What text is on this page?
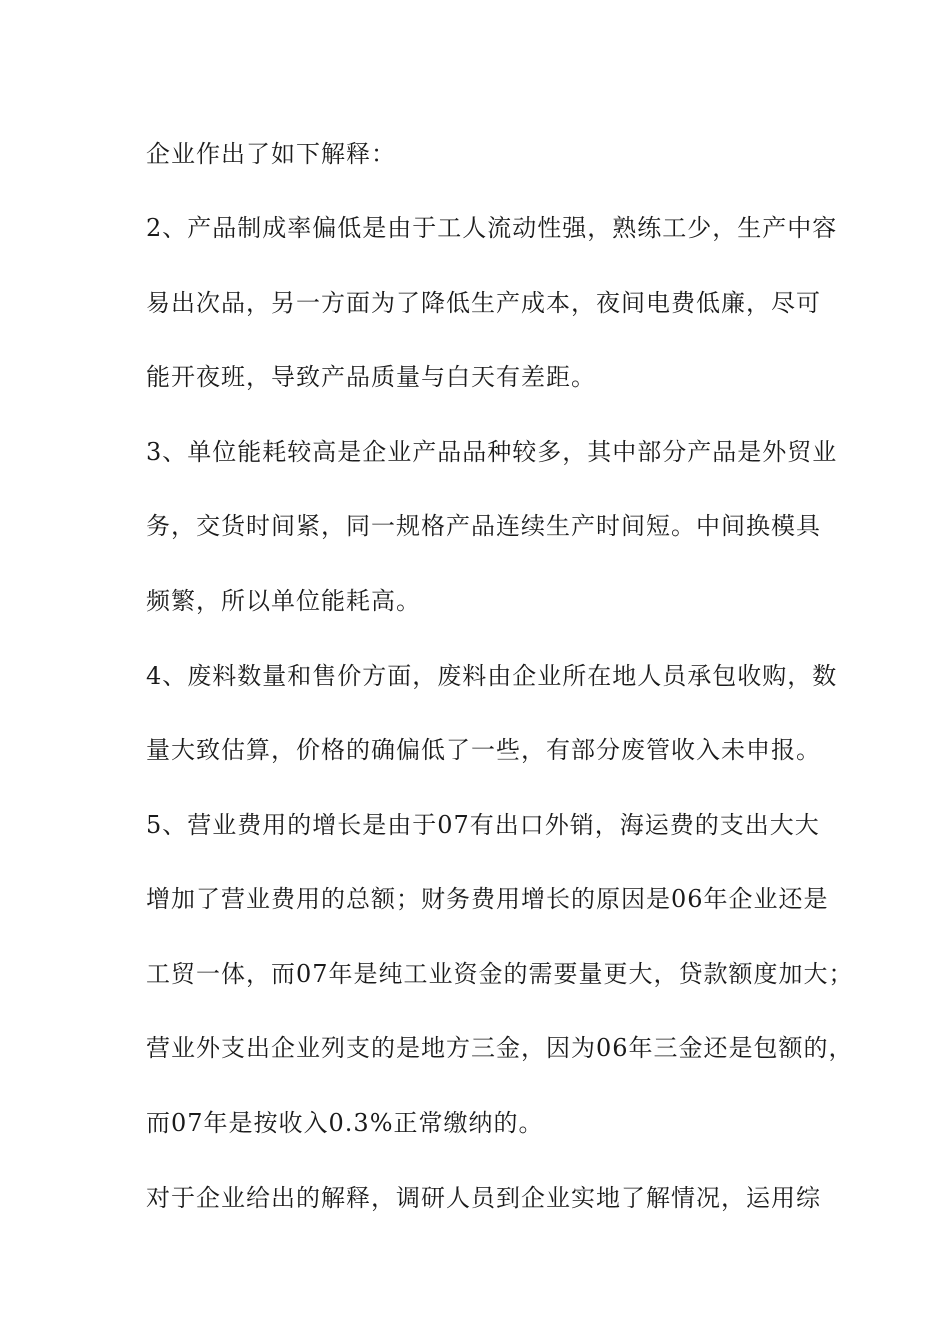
企业作出了如下解释：
2、产品制成率偏低是由于工人流动性强，熟练工少，生产中容
易出次品，另一方面为了降低生产成本，夜间电费低廉，尽可
能开夜班，导致产品质量与白天有差距。
3、单位能耗较高是企业产品品种较多，其中部分产品是外贸业
务，交货时间紧，同一规格产品连续生产时间短。中间换模具
频繁，所以单位能耗高。
4、废料数量和售价方面，废料由企业所在地人员承包收购，数
量大致估算，价格的确偏低了一些，有部分废管收入未申报。
5、营业费用的增长是由于07有出口外销，海运费的支出大大
增加了营业费用的总额；财务费用增长的原因是06年企业还是
工贸一体，而07年是纯工业资金的需要量更大，贷款额度加大；
营业外支出企业列支的是地方三金，因为06年三金还是包额的，
而07年是按收入0.3%正常缴纳的。
对于企业给出的解释，调研人员到企业实地了解情况，运用综
